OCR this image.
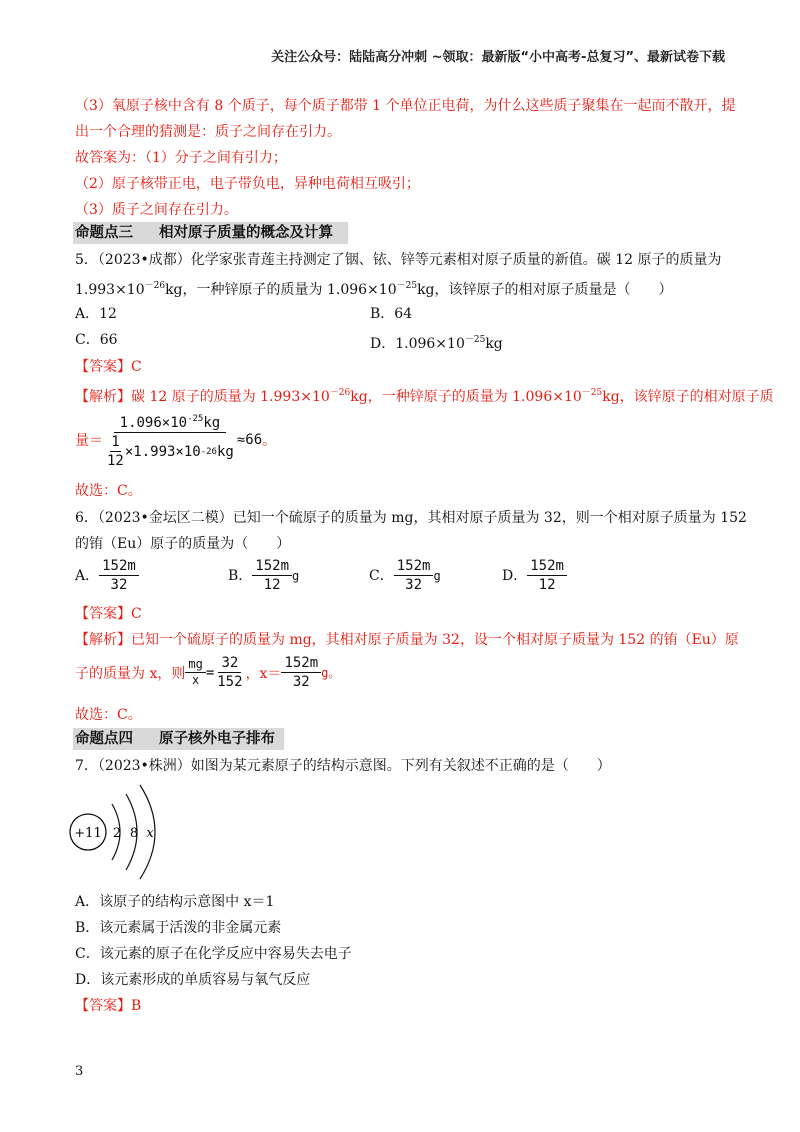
关注公众号：陆陆高分冲刺 ~领取：最新版“小中高考-总复习”、最新试卷下载
（3）氧原子核中含有 8 个质子，每个质子都带 1 个单位正电荷，为什么这些质子聚集在一起而不散开，提
出一个合理的猜测是：质子之间存在引力。
故答案为：（1）分子之间有引力；
（2）原子核带正电，电子带负电，异种电荷相互吸引；
（3）质子之间存在引力。
命题点三 相对原子质量的概念及计算
5．（2023•成都）化学家张青莲主持测定了铟、铱、锌等元素相对原子质量的新值。碳 12 原子的质量为
$1.993\times 10^{-26}kg$，一种锌原子的质量为 $1.096\times 10^{-25}kg$，该锌原子的相对原子质量是（　　）
A．12	B．64
C．66	D．$1.096\times 10^{-25}kg$
【答案】C
【解析】碳 12 原子的质量为 $1.993\times 10^{-26}kg$，一种锌原子的质量为 $1.096\times 10^{-25}kg$，该锌原子的相对原子质
量＝ $\frac{1.096\times 10^{-25}kg}{\frac{1}{12} \times 1.993\times 10 -26 kg} \approx 66$ 。
故选：C。
6．（2023•金坛区二模）已知一个硫原子的质量为 mg，其相对原子质量为 32，则一个相对原子质量为 152
的铕（Eu）原子的质量为（　　）
A． $\frac{152m}{32}$	B． $\frac{152m}{12}$ g	C． $\frac{152m}{32}$ g	D． $\frac{152m}{12}$
【答案】C
【解析】已知一个硫原子的质量为 mg，其相对原子质量为 32，设一个相对原子质量为 152 的铕（Eu）原
子的质量为 x，则 $\frac{mg}{x} = \frac{32}{152}$ ，$x= \frac{152m}{32}$ g。
故选：C。
命题点四 原子核外电子排布
7．（2023•株洲）如图为某元素原子的结构示意图。下列有关叙述不正确的是（　　）
+11 2 8 x
A．该原子的结构示意图中 x＝1
B．该元素属于活泼的非金属元素
C．该元素的原子在化学反应中容易失去电子
D．该元素形成的单质容易与氧气反应
【答案】B
3
